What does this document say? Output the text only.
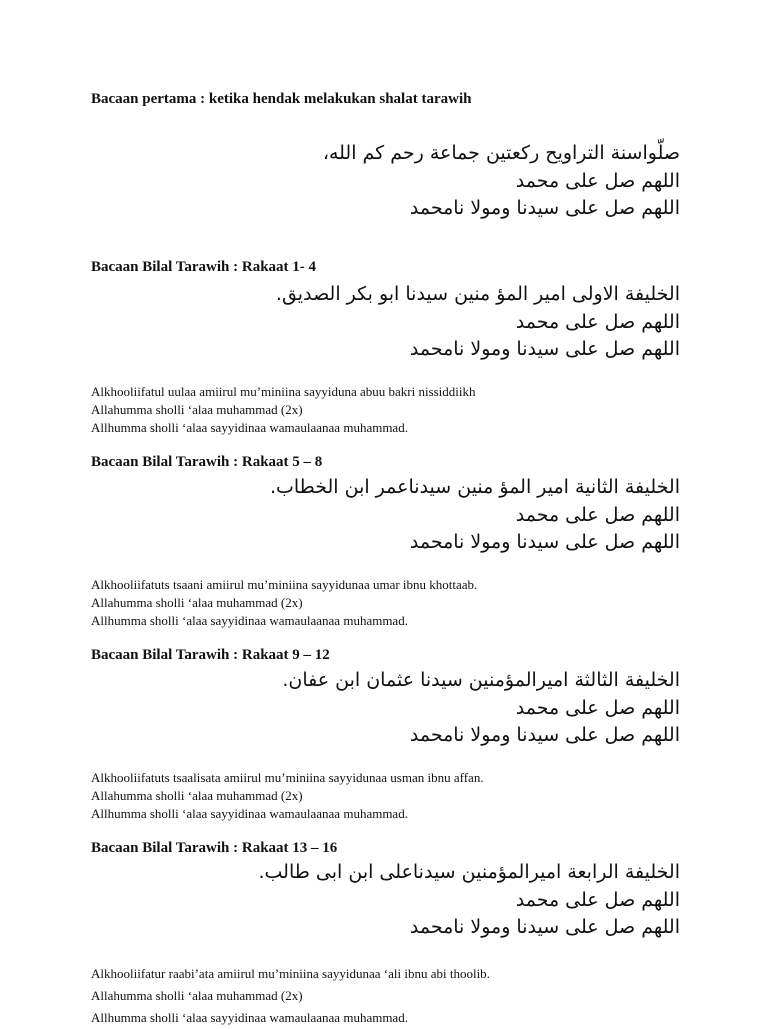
Bacaan pertama : ketika hendak melakukan shalat tarawih
صلّواسنة التراويح ركعتين جماعة رحم كم الله،
اللهم صل على محمد
اللهم صل على سيدنا ومولا نامحمد
Bacaan Bilal Tarawih : Rakaat 1- 4
الخليفة الاولى امير المؤ منين سيدنا ابو بكر الصديق.
اللهم صل على محمد
اللهم صل على سيدنا ومولا نامحمد
Alkhooliifatul uulaa amiirul mu’miniina sayyiduna abuu bakri nissiddiikh
Allahumma sholli ‘alaa muhammad (2x)
Allhumma sholli ‘alaa sayyidinaa wamaulaanaa muhammad.
Bacaan Bilal Tarawih : Rakaat 5 – 8
الخليفة الثانية امير المؤ منين سيدناعمر ابن الخطاب.
اللهم صل على محمد
اللهم صل على سيدنا ومولا نامحمد
Alkhooliifatuts tsaani amiirul mu’miniina sayyidunaa umar ibnu khottaab.
Allahumma sholli ‘alaa muhammad (2x)
Allhumma sholli ‘alaa sayyidinaa wamaulaanaa muhammad.
Bacaan Bilal Tarawih : Rakaat 9 – 12
الخليفة الثالثة اميرالمؤمنين سيدنا عثمان ابن عفان.
اللهم صل على محمد
اللهم صل على سيدنا ومولا نامحمد
Alkhooliifatuts tsaalisata amiirul mu’miniina sayyidunaa usman ibnu affan.
Allahumma sholli ‘alaa muhammad (2x)
Allhumma sholli ‘alaa sayyidinaa wamaulaanaa muhammad.
Bacaan Bilal Tarawih : Rakaat 13 – 16
الخليفة الرابعة اميرالمؤمنين سيدناعلى ابن ابى طالب.
اللهم صل على محمد
اللهم صل على سيدنا ومولا نامحمد
Alkhooliifatur raabi’ata amiirul mu’miniina sayyidunaa ‘ali ibnu abi thoolib.
Allahumma sholli ‘alaa muhammad (2x)
Allhumma sholli ‘alaa sayyidinaa wamaulaanaa muhammad.
